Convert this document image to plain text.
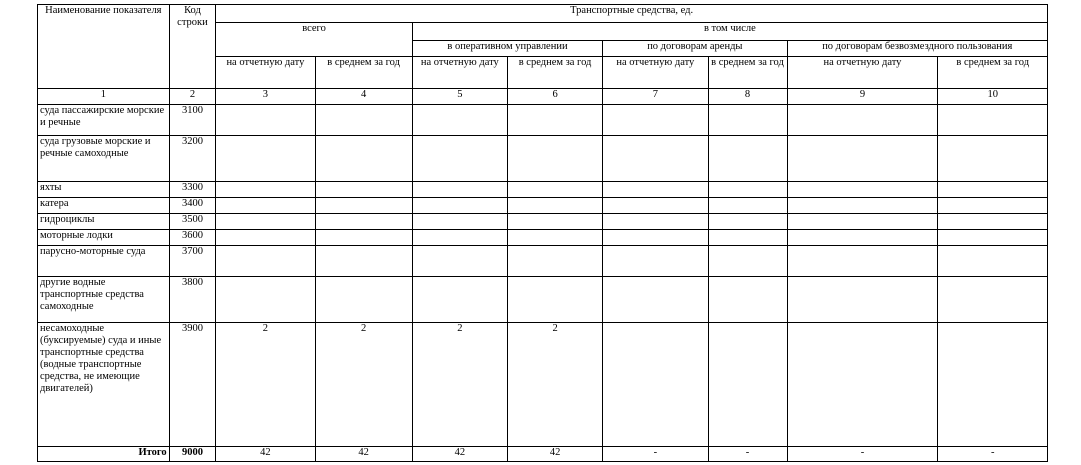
Наименование показателя	Код строки	Транспортные средства, ед.							
		всего		в том числе					
				в оперативном управлении		по договорам аренды		по договорам безвозмездного пользования	
		на отчетную дату	в среднем за год	на отчетную дату	в среднем за год	на отчетную дату	в среднем за год	на отчетную дату	в среднем за год
1	2	3	4	5	6	7	8	9	10
суда пассажирские морские и речные	3100								
суда грузовые морские и речные самоходные	3200								
яхты	3300								
катера	3400								
гидроциклы	3500								
моторные лодки	3600								
парусно-моторные суда	3700								
другие водные транспортные средства самоходные	3800								
несамоходные (буксируемые) суда и иные транспортные средства (водные транспортные средства, не имеющие двигателей)	3900	2	2	2	2				
Итого	9000	42	42	42	42	-	-	-	-
